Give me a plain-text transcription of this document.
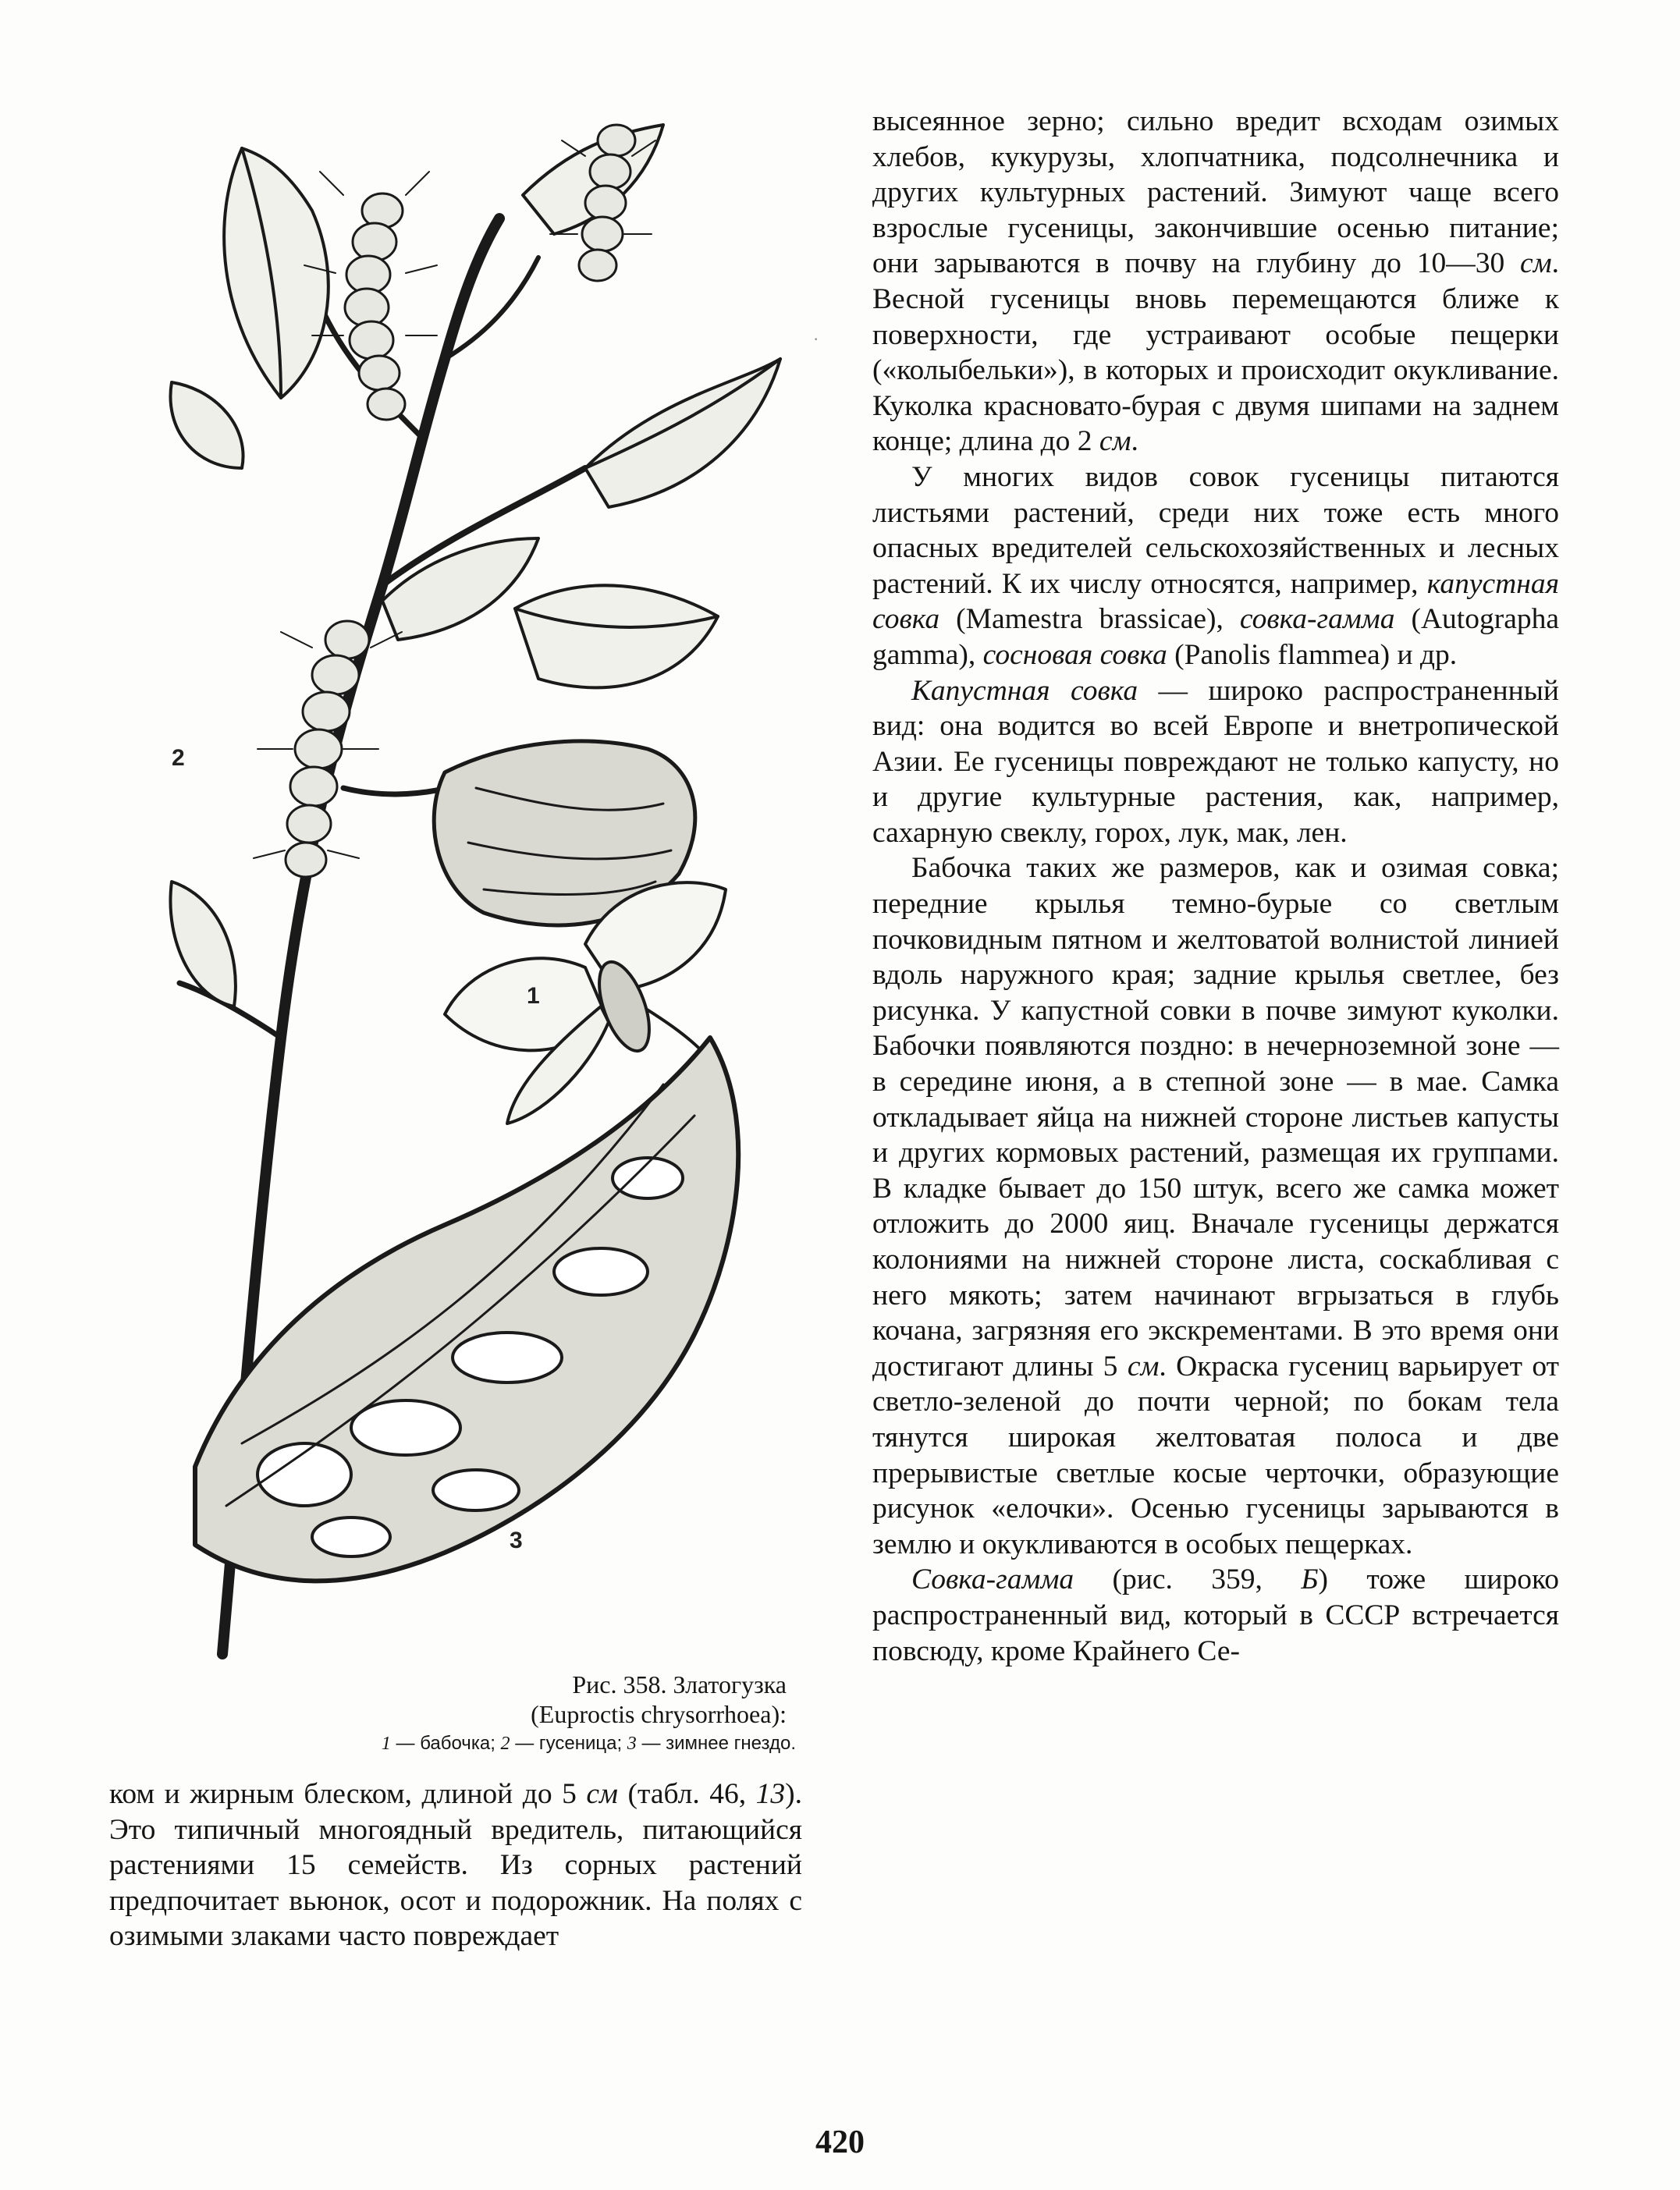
1
2
3
Рис. 358. Златогузка
(Euproctis chrysorrhoea):
1 — бабочка; 2 — гусеница; 3 — зимнее гнездо.

ком и жирным блеском, длиной до 5 см (табл. 46, 13). Это типичный многоядный вредитель, питающийся растениями 15 семейств. Из сорных растений предпочитает вьюнок, осот и подорожник. На полях с озимыми злаками часто повреждает

высеянное зерно; сильно вредит всходам озимых хлебов, кукурузы, хлопчатника, подсолнечника и других культурных растений. Зимуют чаще всего взрослые гусеницы, закончившие осенью питание; они зарываются в почву на глубину до 10—30 см. Весной гусеницы вновь перемещаются ближе к поверхности, где устраивают особые пещерки («колыбельки»), в которых и происходит окукливание. Куколка красновато-бурая с двумя шипами на заднем конце; длина до 2 см.

У многих видов совок гусеницы питаются листьями растений, среди них тоже есть много опасных вредителей сельскохозяйственных и лесных растений. К их числу относятся, например, капустная совка (Mamestra brassicae), совка-гамма (Autographa gamma), сосновая совка (Panolis flammea) и др.

Капустная совка — широко распространенный вид: она водится во всей Европе и внетропической Азии. Ее гусеницы повреждают не только капусту, но и другие культурные растения, как, например, сахарную свеклу, горох, лук, мак, лен.

Бабочка таких же размеров, как и озимая совка; передние крылья темно-бурые со светлым почковидным пятном и желтоватой волнистой линией вдоль наружного края; задние крылья светлее, без рисунка. У капустной совки в почве зимуют куколки. Бабочки появляются поздно: в нечерноземной зоне — в середине июня, а в степной зоне — в мае. Самка откладывает яйца на нижней стороне листьев капусты и других кормовых растений, размещая их группами. В кладке бывает до 150 штук, всего же самка может отложить до 2000 яиц. Вначале гусеницы держатся колониями на нижней стороне листа, соскабливая с него мякоть; затем начинают вгрызаться в глубь кочана, загрязняя его экскрементами. В это время они достигают длины 5 см. Окраска гусениц варьирует от светло-зеленой до почти черной; по бокам тела тянутся широкая желтоватая полоса и две прерывистые светлые косые черточки, образующие рисунок «елочки». Осенью гусеницы зарываются в землю и окукливаются в особых пещерках.

Совка-гамма (рис. 359, Б) тоже широко распространенный вид, который в СССР встречается повсюду, кроме Крайнего Се-

·
420
